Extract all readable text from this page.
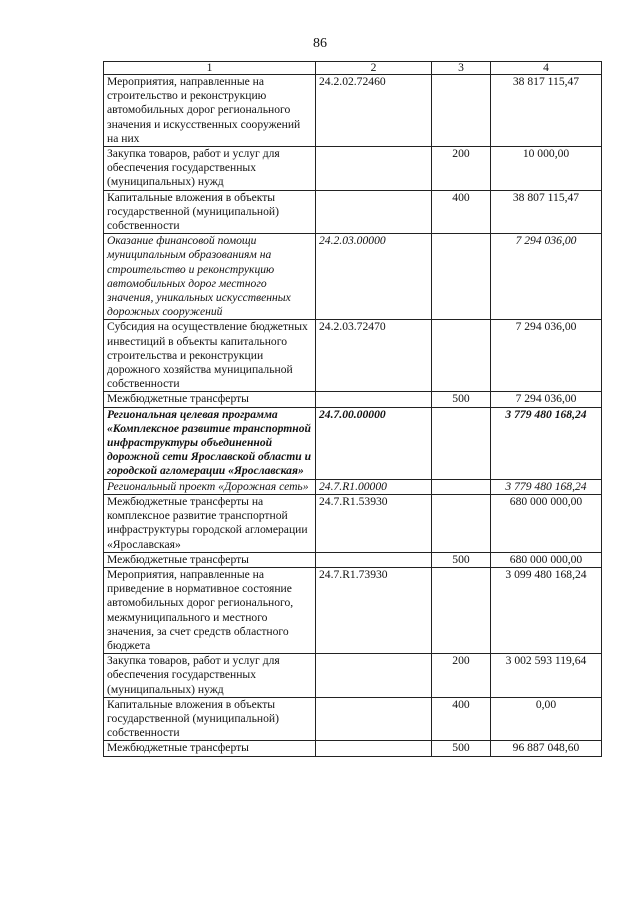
86
1	2	3	4
Мероприятия, направленные на строительство и реконструкцию автомобильных дорог регионального значения и искусственных сооружений на них	24.2.02.72460		38 817 115,47
Закупка товаров, работ и услуг для обеспечения государственных (муниципальных) нужд		200	10 000,00
Капитальные вложения в объекты государственной (муниципальной) собственности		400	38 807 115,47
Оказание финансовой помощи муниципальным образованиям на строительство и реконструкцию автомобильных дорог местного значения, уникальных искусственных дорожных сооружений	24.2.03.00000		7 294 036,00
Субсидия на осуществление бюджетных инвестиций в объекты капитального строительства и реконструкции дорожного хозяйства муниципальной собственности	24.2.03.72470		7 294 036,00
Межбюджетные трансферты		500	7 294 036,00
Региональная целевая программа «Комплексное развитие транспортной инфраструктуры объединенной дорожной сети Ярославской области и городской агломерации «Ярославская»	24.7.00.00000		3 779 480 168,24
Региональный проект «Дорожная сеть»	24.7.R1.00000		3 779 480 168,24
Межбюджетные трансферты на комплексное развитие транспортной инфраструктуры городской агломерации «Ярославская»	24.7.R1.53930		680 000 000,00
Межбюджетные трансферты		500	680 000 000,00
Мероприятия, направленные на приведение в нормативное состояние автомобильных дорог регионального, межмуниципального и местного значения, за счет средств областного бюджета	24.7.R1.73930		3 099 480 168,24
Закупка товаров, работ и услуг для обеспечения государственных (муниципальных) нужд		200	3 002 593 119,64
Капитальные вложения в объекты государственной (муниципальной) собственности		400	0,00
Межбюджетные трансферты		500	96 887 048,60
